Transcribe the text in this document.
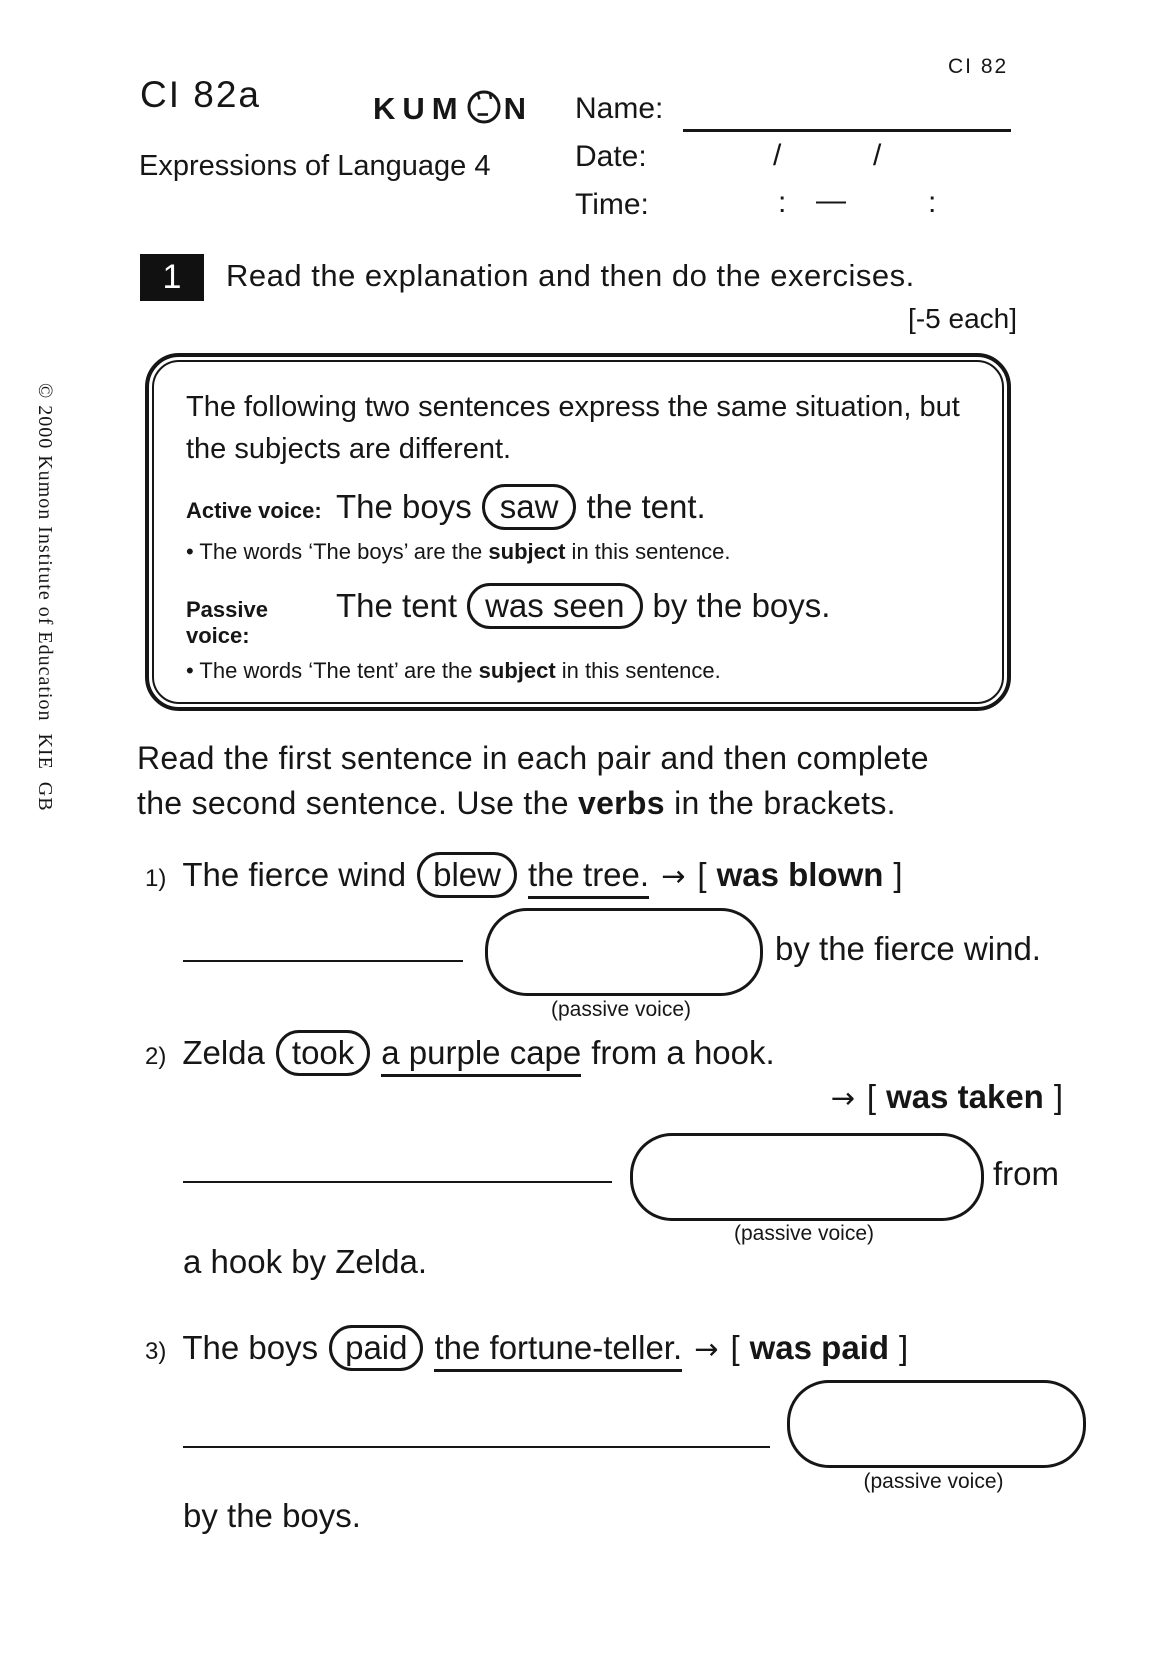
© 2000 Kumon Institute of Education  KIE  GB
CI 82
CI 82a	KUM N
Expressions of Language 4
Name:
Date:	/	/
Time:	: —	:
1 Read the explanation and then do the exercises.
[-5 each]
The following two sentences express the same situation, but
the subjects are different.
Active voice: The boys saw the tent.
• The words ‘The boys’ are the subject in this sentence.
Passive voice:
The tent was seen by the boys.
• The words ‘The tent’ are the subject in this sentence.
Read the first sentence in each pair and then complete
the second sentence. Use the verbs in the brackets.
1) The fierce wind blew the tree. → [ was blown ]
(passive voice)
by the fierce wind.
2) Zelda took a purple cape from a hook.
→ [ was taken ]
(passive voice)
from
a hook by Zelda.
3) The boys paid the fortune-teller. → [ was paid ]
(passive voice)
by the boys.
